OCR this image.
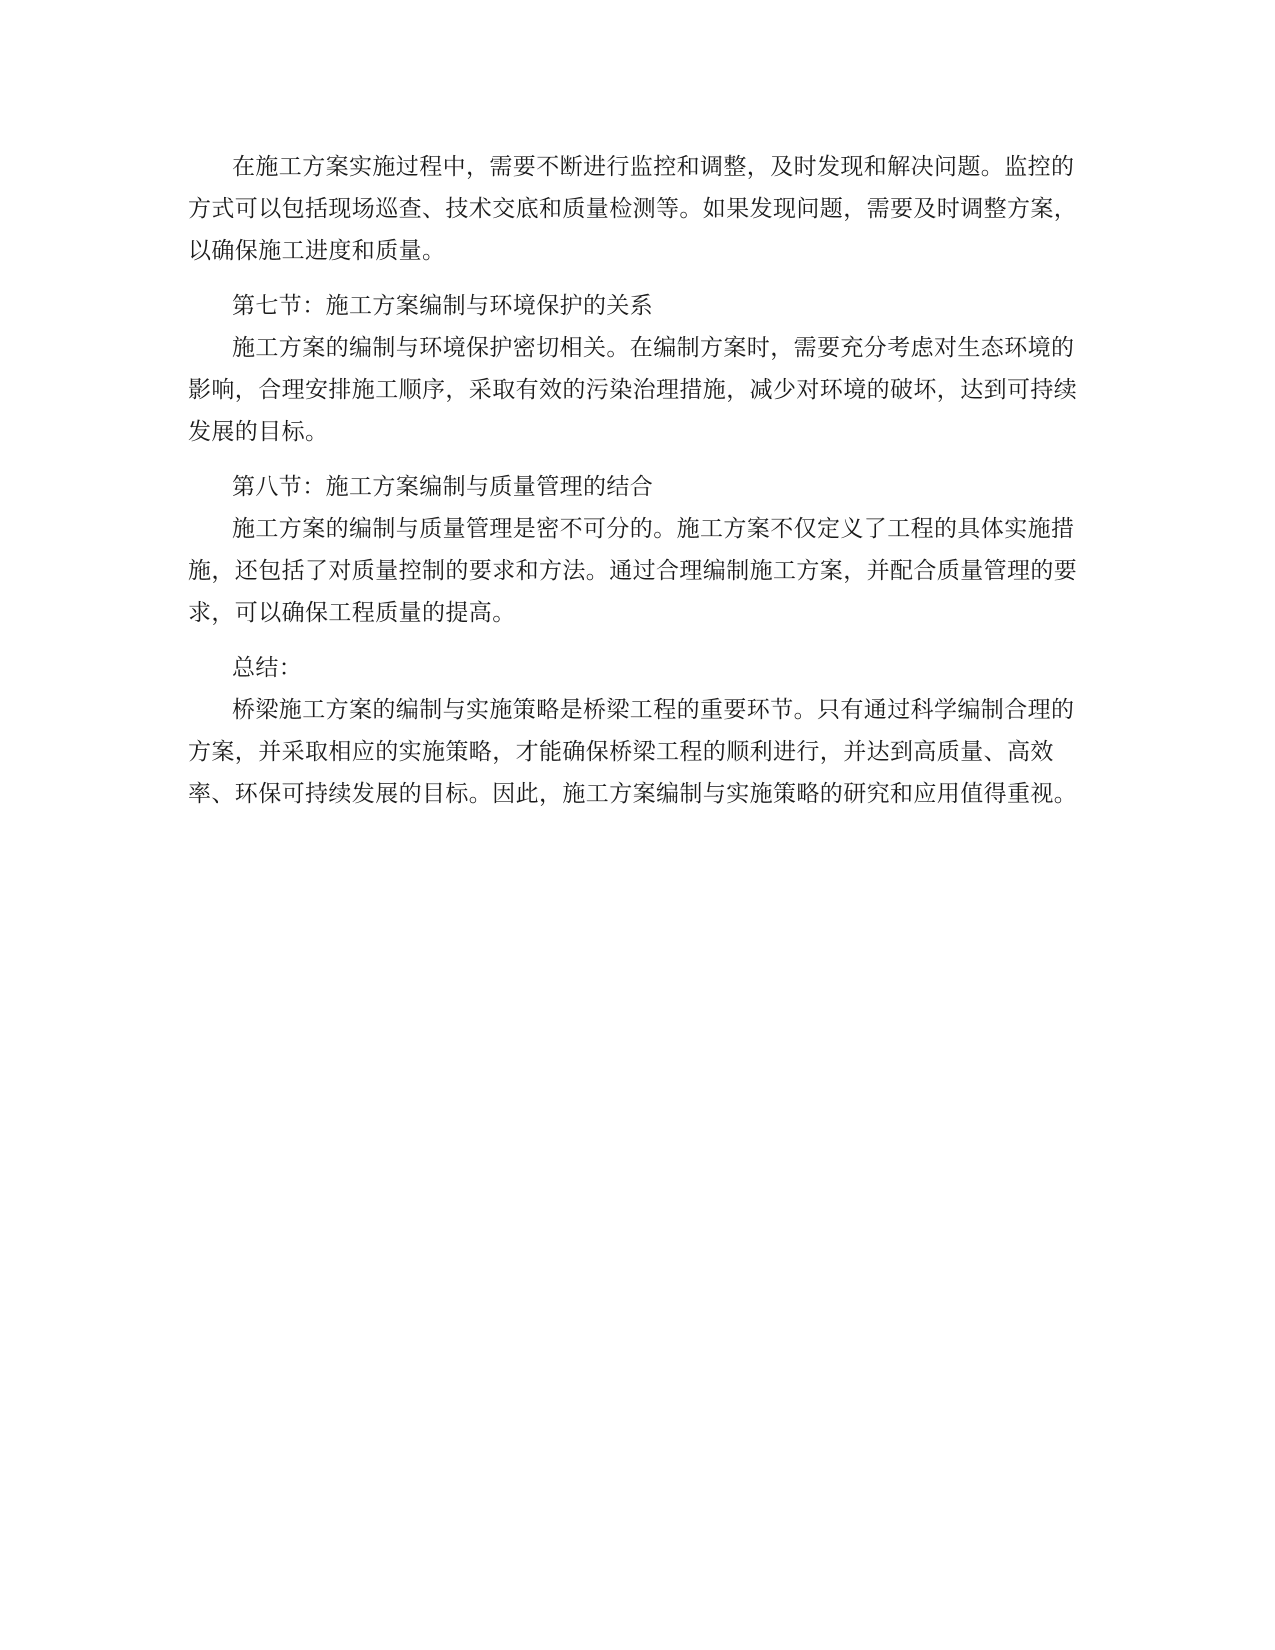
在施工方案实施过程中，需要不断进行监控和调整，及时发现和解决问题。监控的方式可以包括现场巡查、技术交底和质量检测等。如果发现问题，需要及时调整方案，以确保施工进度和质量。

第七节：施工方案编制与环境保护的关系

施工方案的编制与环境保护密切相关。在编制方案时，需要充分考虑对生态环境的影响，合理安排施工顺序，采取有效的污染治理措施，减少对环境的破坏，达到可持续发展的目标。

第八节：施工方案编制与质量管理的结合

施工方案的编制与质量管理是密不可分的。施工方案不仅定义了工程的具体实施措施，还包括了对质量控制的要求和方法。通过合理编制施工方案，并配合质量管理的要求，可以确保工程质量的提高。

总结：

桥梁施工方案的编制与实施策略是桥梁工程的重要环节。只有通过科学编制合理的方案，并采取相应的实施策略，才能确保桥梁工程的顺利进行，并达到高质量、高效率、环保可持续发展的目标。因此，施工方案编制与实施策略的研究和应用值得重视。
